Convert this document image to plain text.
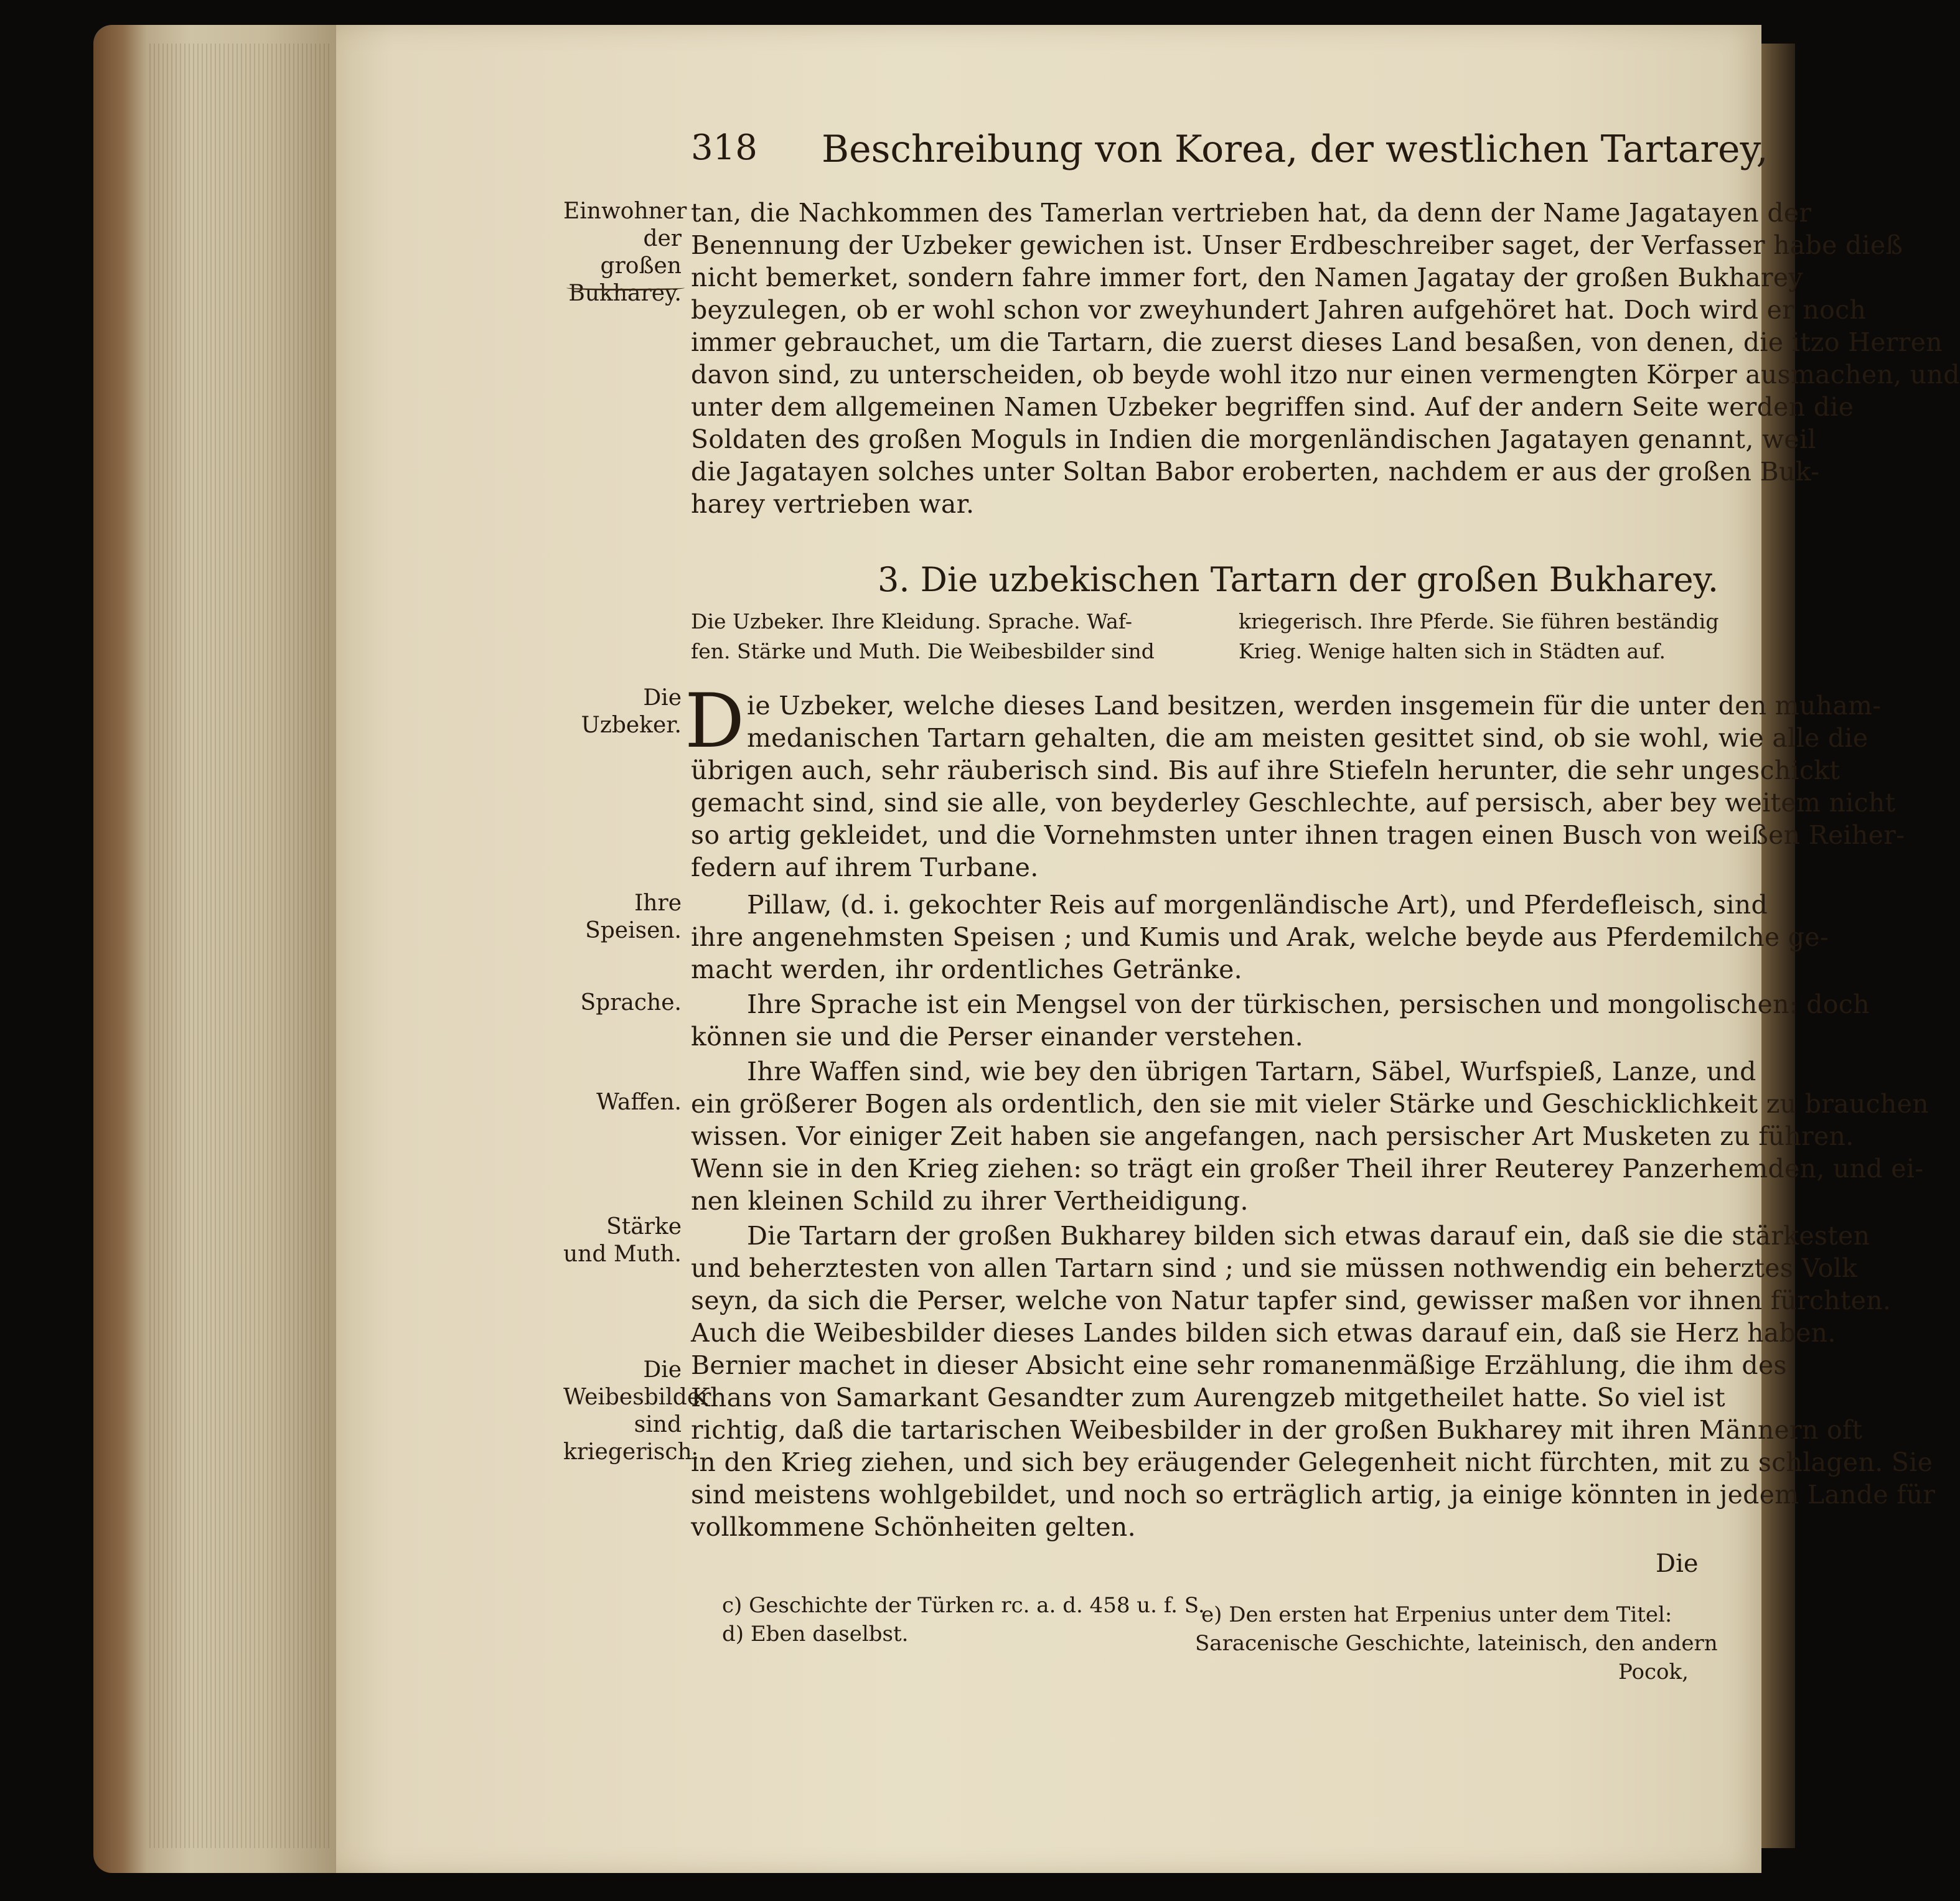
318 Beschreibung von Korea, der westlichen Tartarey,
Einwohner der großen Bukharey.
Die Uzbeker.
Ihre Speisen.
Sprache.
Waffen.
Stärke und Muth.
Die Weibesbilder sind kriegerisch.
tan, die Nachkommen des Tamerlan vertrieben hat, da denn der Name Jagatayen der
Benennung der Uzbeker gewichen ist. Unser Erdbeschreiber saget, der Verfasser habe dieß
nicht bemerket, sondern fahre immer fort, den Namen Jagatay der großen Bukharey
beyzulegen, ob er wohl schon vor zweyhundert Jahren aufgehöret hat. Doch wird er noch
immer gebrauchet, um die Tartarn, die zuerst dieses Land besaßen, von denen, die itzo Herren
davon sind, zu unterscheiden, ob beyde wohl itzo nur einen vermengten Körper ausmachen, und
unter dem allgemeinen Namen Uzbeker begriffen sind. Auf der andern Seite werden die
Soldaten des großen Moguls in Indien die morgenländischen Jagatayen genannt, weil
die Jagatayen solches unter Soltan Babor eroberten, nachdem er aus der großen Buk-
harey vertrieben war.
3. Die uzbekischen Tartarn der großen Bukharey.
Die Uzbeker. Ihre Kleidung. Sprache. Waf-
fen. Stärke und Muth. Die Weibesbilder sind
kriegerisch. Ihre Pferde. Sie führen beständig
Krieg. Wenige halten sich in Städten auf.
D ie Uzbeker, welche dieses Land besitzen, werden insgemein für die unter den muham-
medanischen Tartarn gehalten, die am meisten gesittet sind, ob sie wohl, wie alle die
übrigen auch, sehr räuberisch sind. Bis auf ihre Stiefeln herunter, die sehr ungeschickt
gemacht sind, sind sie alle, von beyderley Geschlechte, auf persisch, aber bey weitem nicht
so artig gekleidet, und die Vornehmsten unter ihnen tragen einen Busch von weißen Reiher-
federn auf ihrem Turbane.
Pillaw, (d. i. gekochter Reis auf morgenländische Art), und Pferdefleisch, sind
ihre angenehmsten Speisen ; und Kumis und Arak, welche beyde aus Pferdemilche ge-
macht werden, ihr ordentliches Getränke.
Ihre Sprache ist ein Mengsel von der türkischen, persischen und mongolischen: doch
können sie und die Perser einander verstehen.
Ihre Waffen sind, wie bey den übrigen Tartarn, Säbel, Wurfspieß, Lanze, und
ein größerer Bogen als ordentlich, den sie mit vieler Stärke und Geschicklichkeit zu brauchen
wissen. Vor einiger Zeit haben sie angefangen, nach persischer Art Musketen zu führen.
Wenn sie in den Krieg ziehen: so trägt ein großer Theil ihrer Reuterey Panzerhemden, und ei-
nen kleinen Schild zu ihrer Vertheidigung.
Die Tartarn der großen Bukharey bilden sich etwas darauf ein, daß sie die stärkesten
und beherztesten von allen Tartarn sind ; und sie müssen nothwendig ein beherztes Volk
seyn, da sich die Perser, welche von Natur tapfer sind, gewisser maßen vor ihnen fürchten.
Auch die Weibesbilder dieses Landes bilden sich etwas darauf ein, daß sie Herz haben.
Bernier machet in dieser Absicht eine sehr romanenmäßige Erzählung, die ihm des
Khans von Samarkant Gesandter zum Aurengzeb mitgetheilet hatte. So viel ist
richtig, daß die tartarischen Weibesbilder in der großen Bukharey mit ihren Männern oft
in den Krieg ziehen, und sich bey eräugender Gelegenheit nicht fürchten, mit zu schlagen. Sie
sind meistens wohlgebildet, und noch so erträglich artig, ja einige könnten in jedem Lande für
vollkommene Schönheiten gelten.
Die
c) Geschichte der Türken rc. a. d. 458 u. f. S.
d) Eben daselbst.
e) Den ersten hat Erpenius unter dem Titel:
Saracenische Geschichte, lateinisch, den andern
Pocok,
